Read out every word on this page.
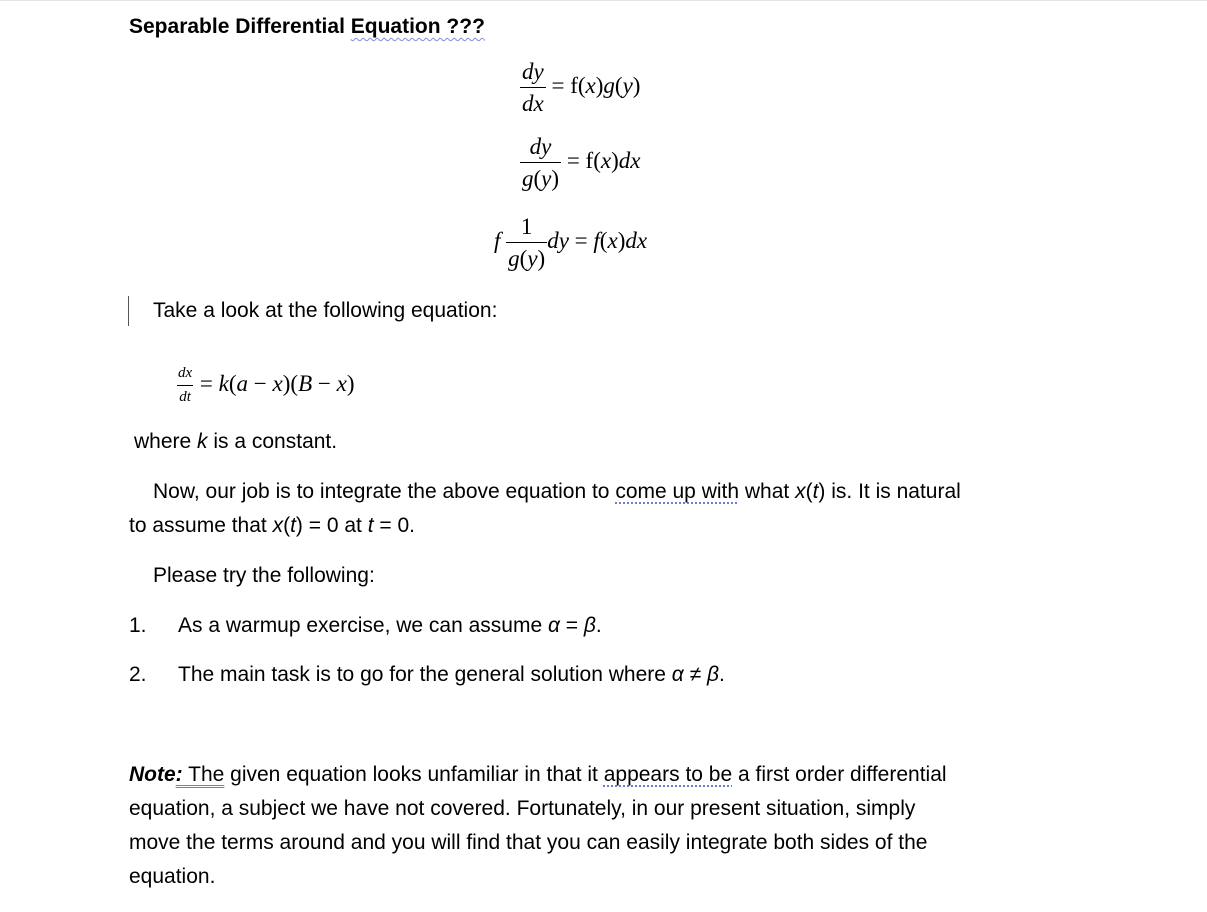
Separable Differential Equation ???
$\frac{dy}{dx} = f(x)g(y)$
$\frac{dy}{g(y)} = f(x)dx$
f $\frac{1}{g(y)}$ dy = f(x)dx
Take a look at the following equation:
$\frac{dx}{dt} = k(a - x)(B - x)$
where k is a constant.
Now, our job is to integrate the above equation to come up with what x(t) is. It is natural
to assume that x(t) = 0 at t = 0.
Please try the following:
1. As a warmup exercise, we can assume α = β.
2. The main task is to go for the general solution where α ≠ β.
Note: The given equation looks unfamiliar in that it appears to be a first order differential
equation, a subject we have not covered. Fortunately, in our present situation, simply
move the terms around and you will find that you can easily integrate both sides of the
equation.
